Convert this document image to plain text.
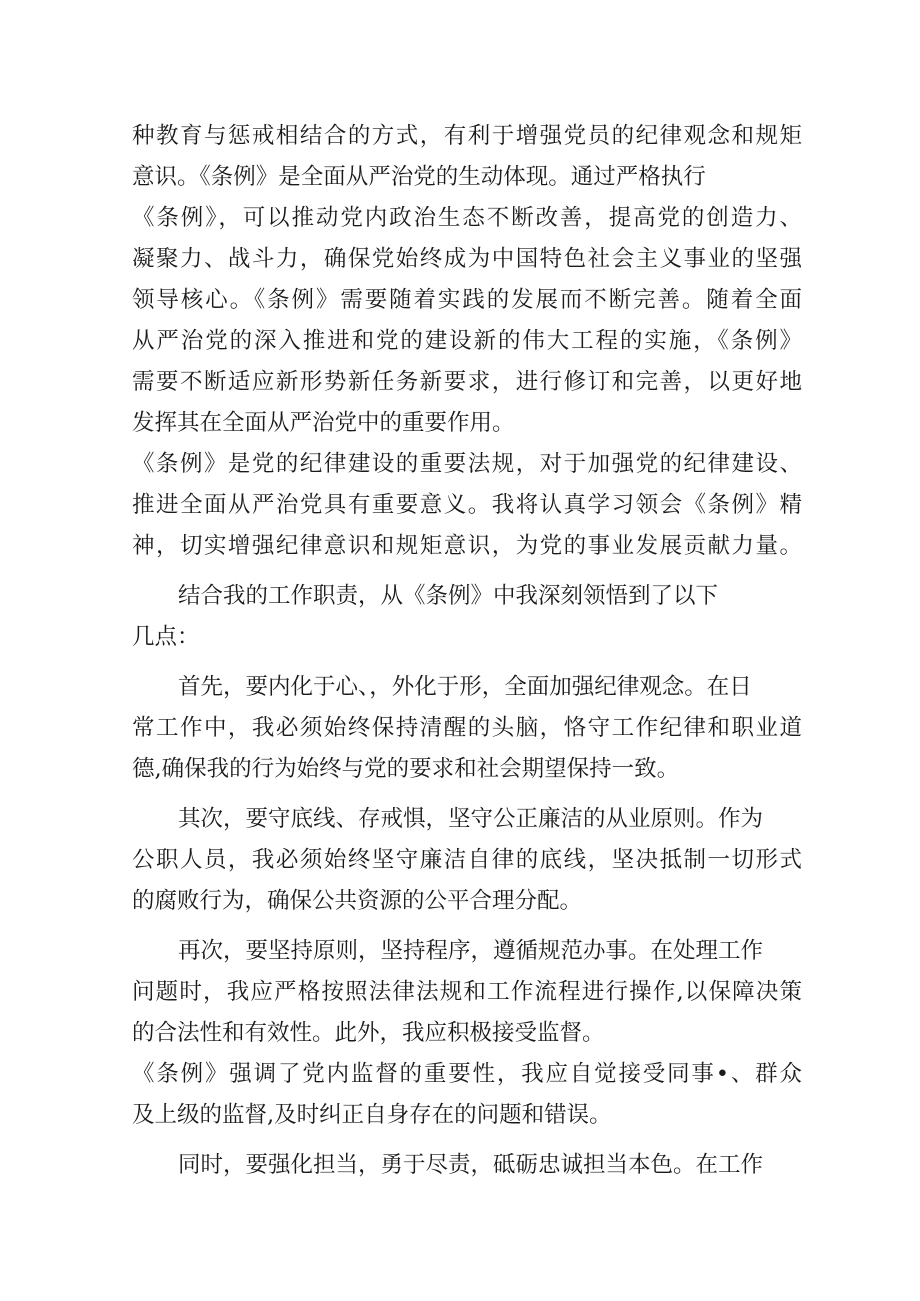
种教育与惩戒相结合的方式，有利于增强党员的纪律观念和规矩
意识。《条例》是全面从严治党的生动体现。通过严格执行
《条例》，可以推动党内政治生态不断改善，提高党的创造力、
凝聚力、战斗力，确保党始终成为中国特色社会主义事业的坚强
领导核心。《条例》需要随着实践的发展而不断完善。随着全面
从严治党的深入推进和党的建设新的伟大工程的实施，《条例》
需要不断适应新形势新任务新要求，进行修订和完善，以更好地
发挥其在全面从严治党中的重要作用。
《条例》是党的纪律建设的重要法规，对于加强党的纪律建设、
推进全面从严治党具有重要意义。我将认真学习领会《条例》精
神，切实增强纪律意识和规矩意识，为党的事业发展贡献力量。
结合我的工作职责，从《条例》中我深刻领悟到了以下
几点：
首先，要内化于心、，外化于形，全面加强纪律观念。在日
常工作中，我必须始终保持清醒的头脑，恪守工作纪律和职业道
德,确保我的行为始终与党的要求和社会期望保持一致。
其次，要守底线、存戒惧，坚守公正廉洁的从业原则。作为
公职人员，我必须始终坚守廉洁自律的底线，坚决抵制一切形式
的腐败行为，确保公共资源的公平合理分配。
再次，要坚持原则，坚持程序，遵循规范办事。在处理工作
问题时，我应严格按照法律法规和工作流程进行操作,以保障决策
的合法性和有效性。此外，我应积极接受监督。
《条例》强调了党内监督的重要性，我应自觉接受同事•、群众
及上级的监督,及时纠正自身存在的问题和错误。
同时，要强化担当，勇于尽责，砥砺忠诚担当本色。在工作
